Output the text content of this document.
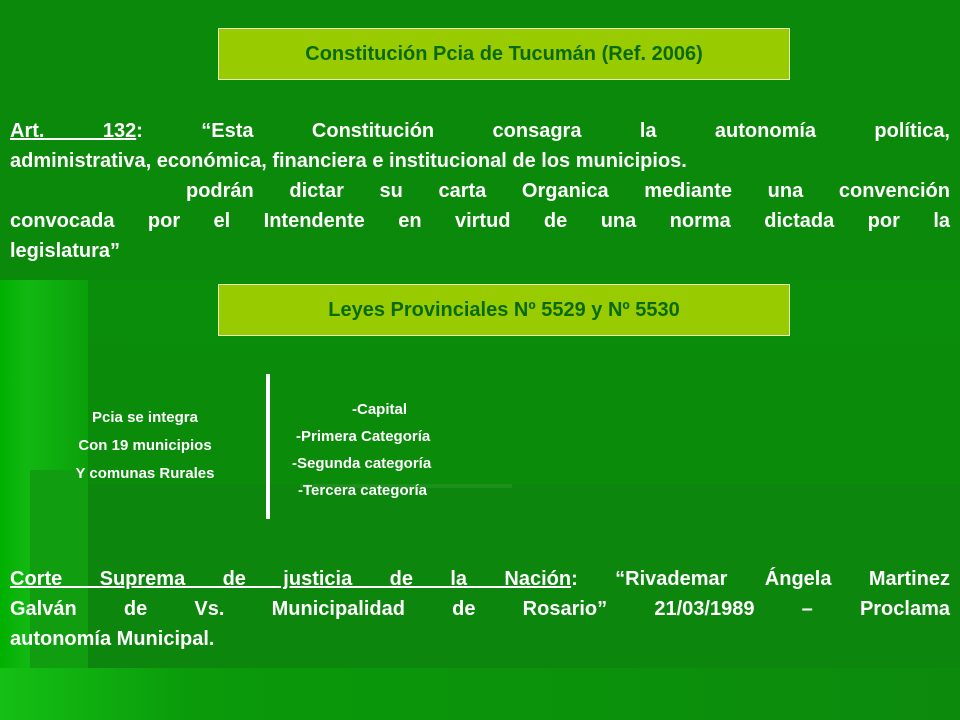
Constitución Pcia de Tucumán (Ref. 2006)
Art. 132: “Esta Constitución consagra la autonomía política,
administrativa, económica, financiera e institucional de los municipios.
podrán dictar su carta Organica mediante una convención
convocada por el Intendente en virtud de una norma dictada por la
legislatura”
Leyes Provinciales Nº 5529 y Nº 5530
Pcia se integra
Con 19 municipios
Y comunas Rurales
-Capital
-Primera Categoría
-Segunda categoría
-Tercera categoría
Corte Suprema de justicia de la Nación: “Rivademar Ángela Martinez
Galván de Vs. Municipalidad de Rosario” 21/03/1989 – Proclama
autonomía Municipal.
